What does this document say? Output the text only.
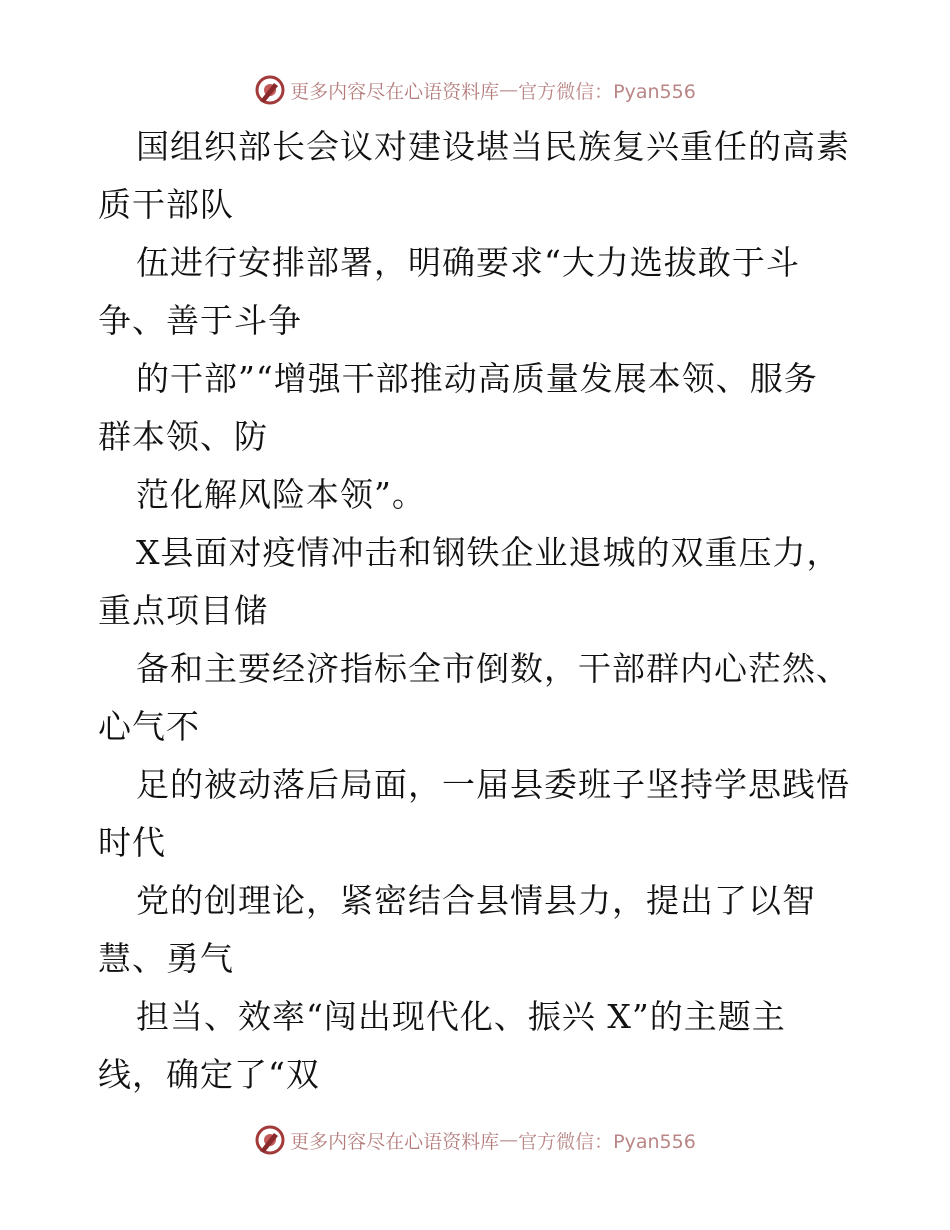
更多内容尽在心语资料库 — 官方微信：Pyan556
国组织部长会议对建设堪当民族复兴重任的高素
质干部队
伍进行安排部署，明确要求“大力选拔敢于斗
争、善于斗争
的干部”“增强干部推动高质量发展本领、服务
群本领、防
范化解风险本领”。
X县面对疫情冲击和钢铁企业退城的双重压力，
重点项目储
备和主要经济指标全市倒数，干部群内心茫然、
心气不
足的被动落后局面，一届县委班子坚持学思践悟
时代
党的创理论，紧密结合县情县力，提出了以智
慧、勇气
担当、效率“闯出现代化、振兴 X”的主题主
线，确定了“双
更多内容尽在心语资料库 — 官方微信：Pyan556
